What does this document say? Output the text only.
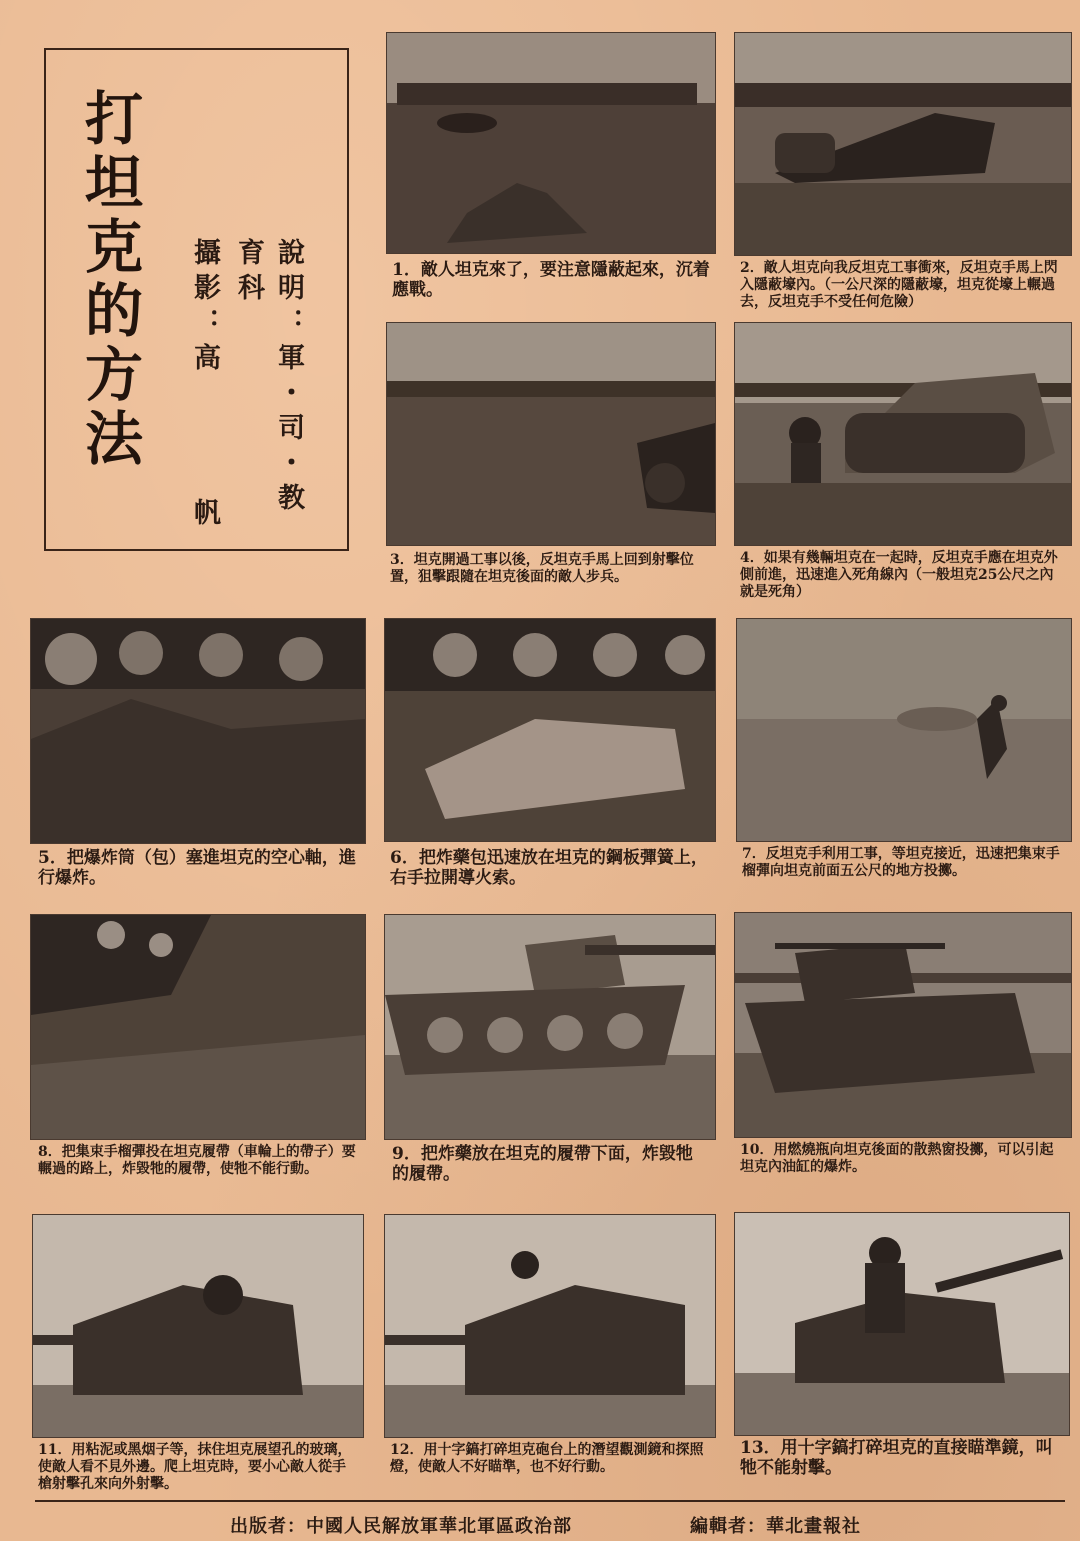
打坦克的方法	說明：軍・司・教育科
攝影：高帆
1．敵人坦克來了，要注意隱蔽起來，沉着應戰。
2．敵人坦克向我反坦克工事衝來，反坦克手馬上閃入隱蔽壕內。（一公尺深的隱蔽壕，坦克從壕上輾過去，反坦克手不受任何危險）
3．坦克開過工事以後，反坦克手馬上回到射擊位置，狙擊跟隨在坦克後面的敵人步兵。
4．如果有幾輛坦克在一起時，反坦克手應在坦克外側前進，迅速進入死角線內（一般坦克25公尺之內就是死角）
5．把爆炸筒（包）塞進坦克的空心軸，進行爆炸。
6．把炸藥包迅速放在坦克的鋼板彈簧上，右手拉開導火索。
7．反坦克手利用工事，等坦克接近，迅速把集束手榴彈向坦克前面五公尺的地方投擲。
8．把集束手榴彈投在坦克履帶（車輪上的帶子）要輾過的路上，炸毀牠的履帶，使牠不能行動。
9．把炸藥放在坦克的履帶下面，炸毀牠的履帶。
10．用燃燒瓶向坦克後面的散熱窗投擲，可以引起坦克內油缸的爆炸。
11．用粘泥或黑烟子等，抹住坦克展望孔的玻璃，使敵人看不見外邊。爬上坦克時，要小心敵人從手槍射擊孔來向外射擊。
12．用十字鎬打碎坦克砲台上的潛望觀測鏡和探照燈，使敵人不好瞄準，也不好行動。
13．用十字鎬打碎坦克的直接瞄準鏡，叫牠不能射擊。
出版者：中國人民解放軍華北軍區政治部	編輯者：華北畫報社
